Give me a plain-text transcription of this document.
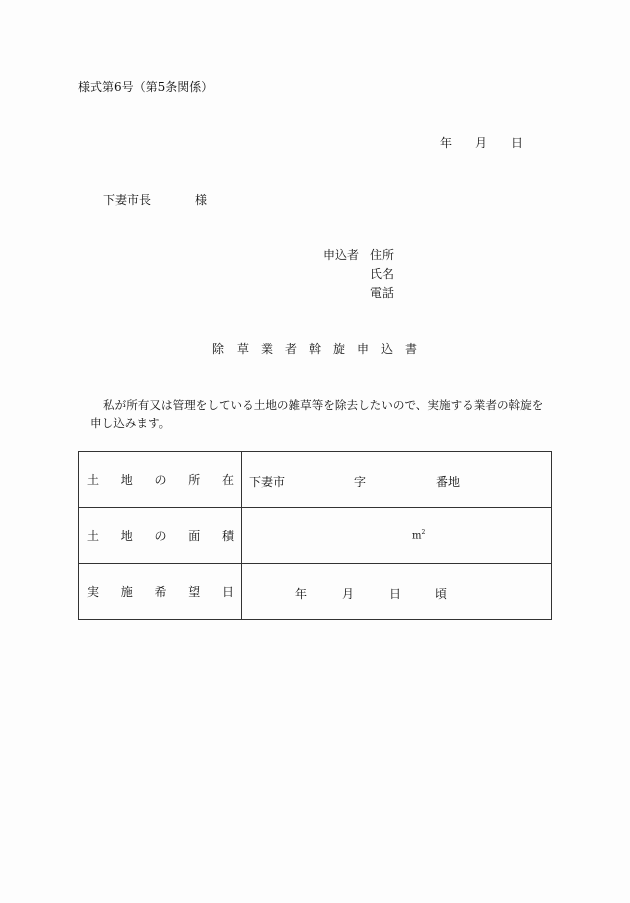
様式第6号（第5条関係）
年 月 日
下妻市長	様
申込者 住所
氏名
電話
除 草 業 者 斡 旋 申 込 書
私が所有又は管理をしている土地の雑草等を除去したいので、実施する業者の斡旋を
申し込みます。
土 地 の 所 在	下妻市 字 番地

土 地 の 面 積	$m^2$

実 施 希 望 日	年 月 日 頃
